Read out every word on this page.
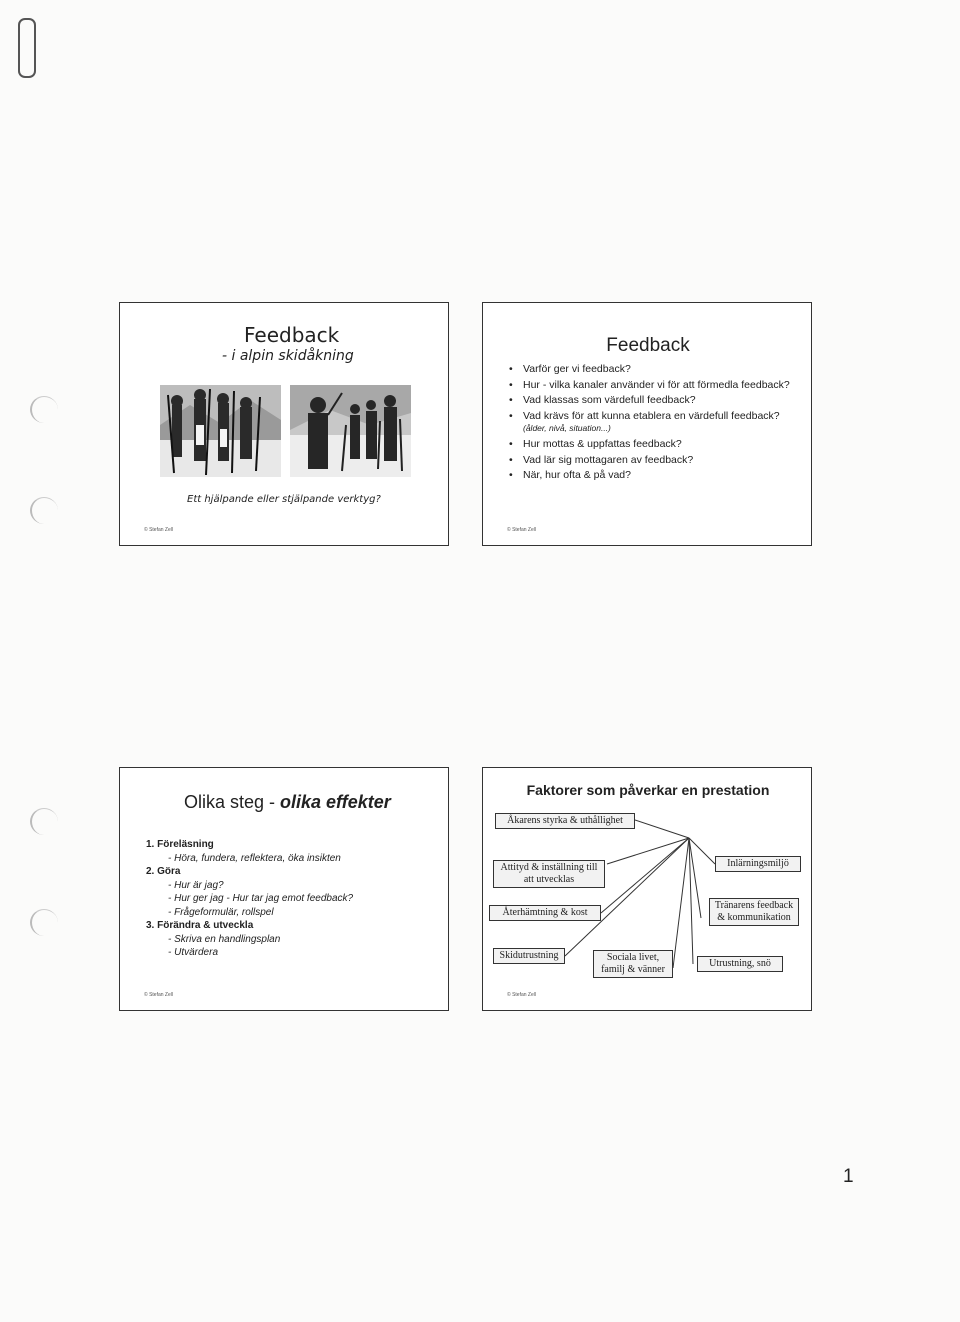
Feedback
- i alpin skidåkning
Ett hjälpande eller stjälpande verktyg?
© Stefan Zell
Feedback
• Varför ger vi feedback?
• Hur - vilka kanaler använder vi för att förmedla feedback?
• Vad klassas som värdefull feedback?
• Vad krävs för att kunna etablera en värdefull feedback? (ålder, nivå, situation...)
• Hur mottas & uppfattas feedback?
• Vad lär sig mottagaren av feedback?
• När, hur ofta & på vad?
© Stefan Zell
Olika steg - olika effekter
1. Föreläsning
- Höra, fundera, reflektera, öka insikten
2. Göra
- Hur är jag?
- Hur ger jag - Hur tar jag emot feedback?
- Frågeformulär, rollspel
3. Förändra & utveckla
- Skriva en handlingsplan
- Utvärdera
© Stefan Zell
Faktorer som påverkar en prestation
Åkarens styrka & uthållighet
Attityd & inställning till att utvecklas
Återhämtning & kost
Skidutrustning	Sociala livet, familj & vänner
Inlärningsmiljö
Tränarens feedback & kommunikation
Utrustning, snö
© Stefan Zell
1
